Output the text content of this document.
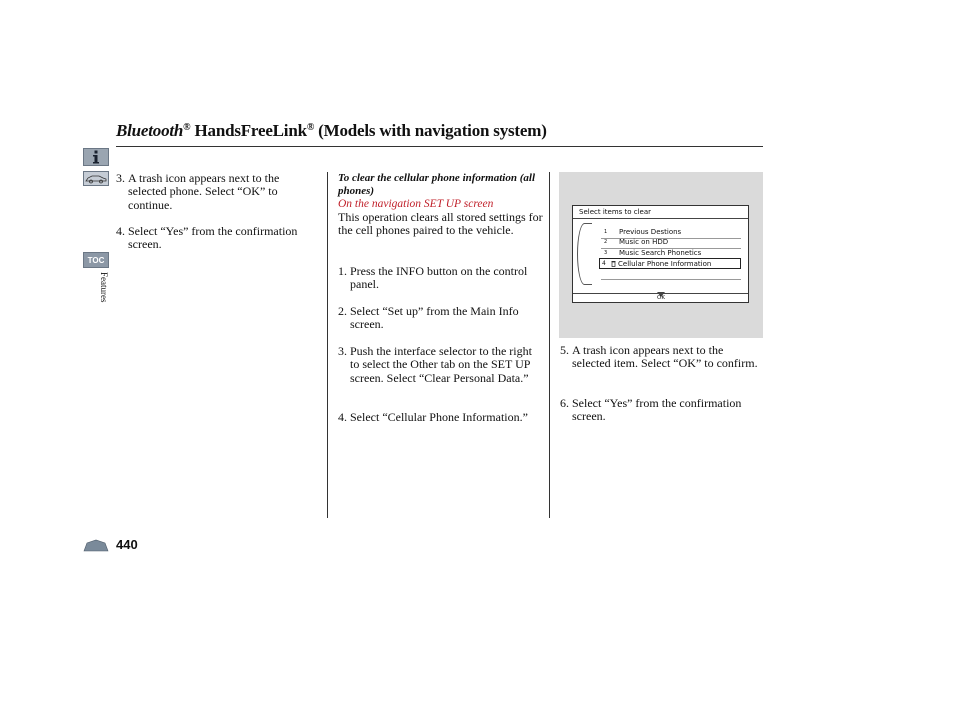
Bluetooth® HandsFreeLink® (Models with navigation system)
TOC
Features
440
3. A trash icon appears next to the selected phone. Select “OK” to continue.
4. Select “Yes” from the confirmation screen.
To clear the cellular phone information (all phones)
On the navigation SET UP screen
This operation clears all stored settings for the cell phones paired to the vehicle.
1. Press the INFO button on the control panel.
2. Select “Set up” from the Main Info screen.
3. Push the interface selector to the right to select the Other tab on the SET UP screen. Select “Clear Personal Data.”
4. Select “Cellular Phone Information.”
Select items to clear
1 Previous Destions
2 Music on HDD
3 Music Search Phonetics
4 Cellular Phone Information
OK
5. A trash icon appears next to the selected item. Select “OK” to confirm.
6. Select “Yes” from the confirmation screen.
